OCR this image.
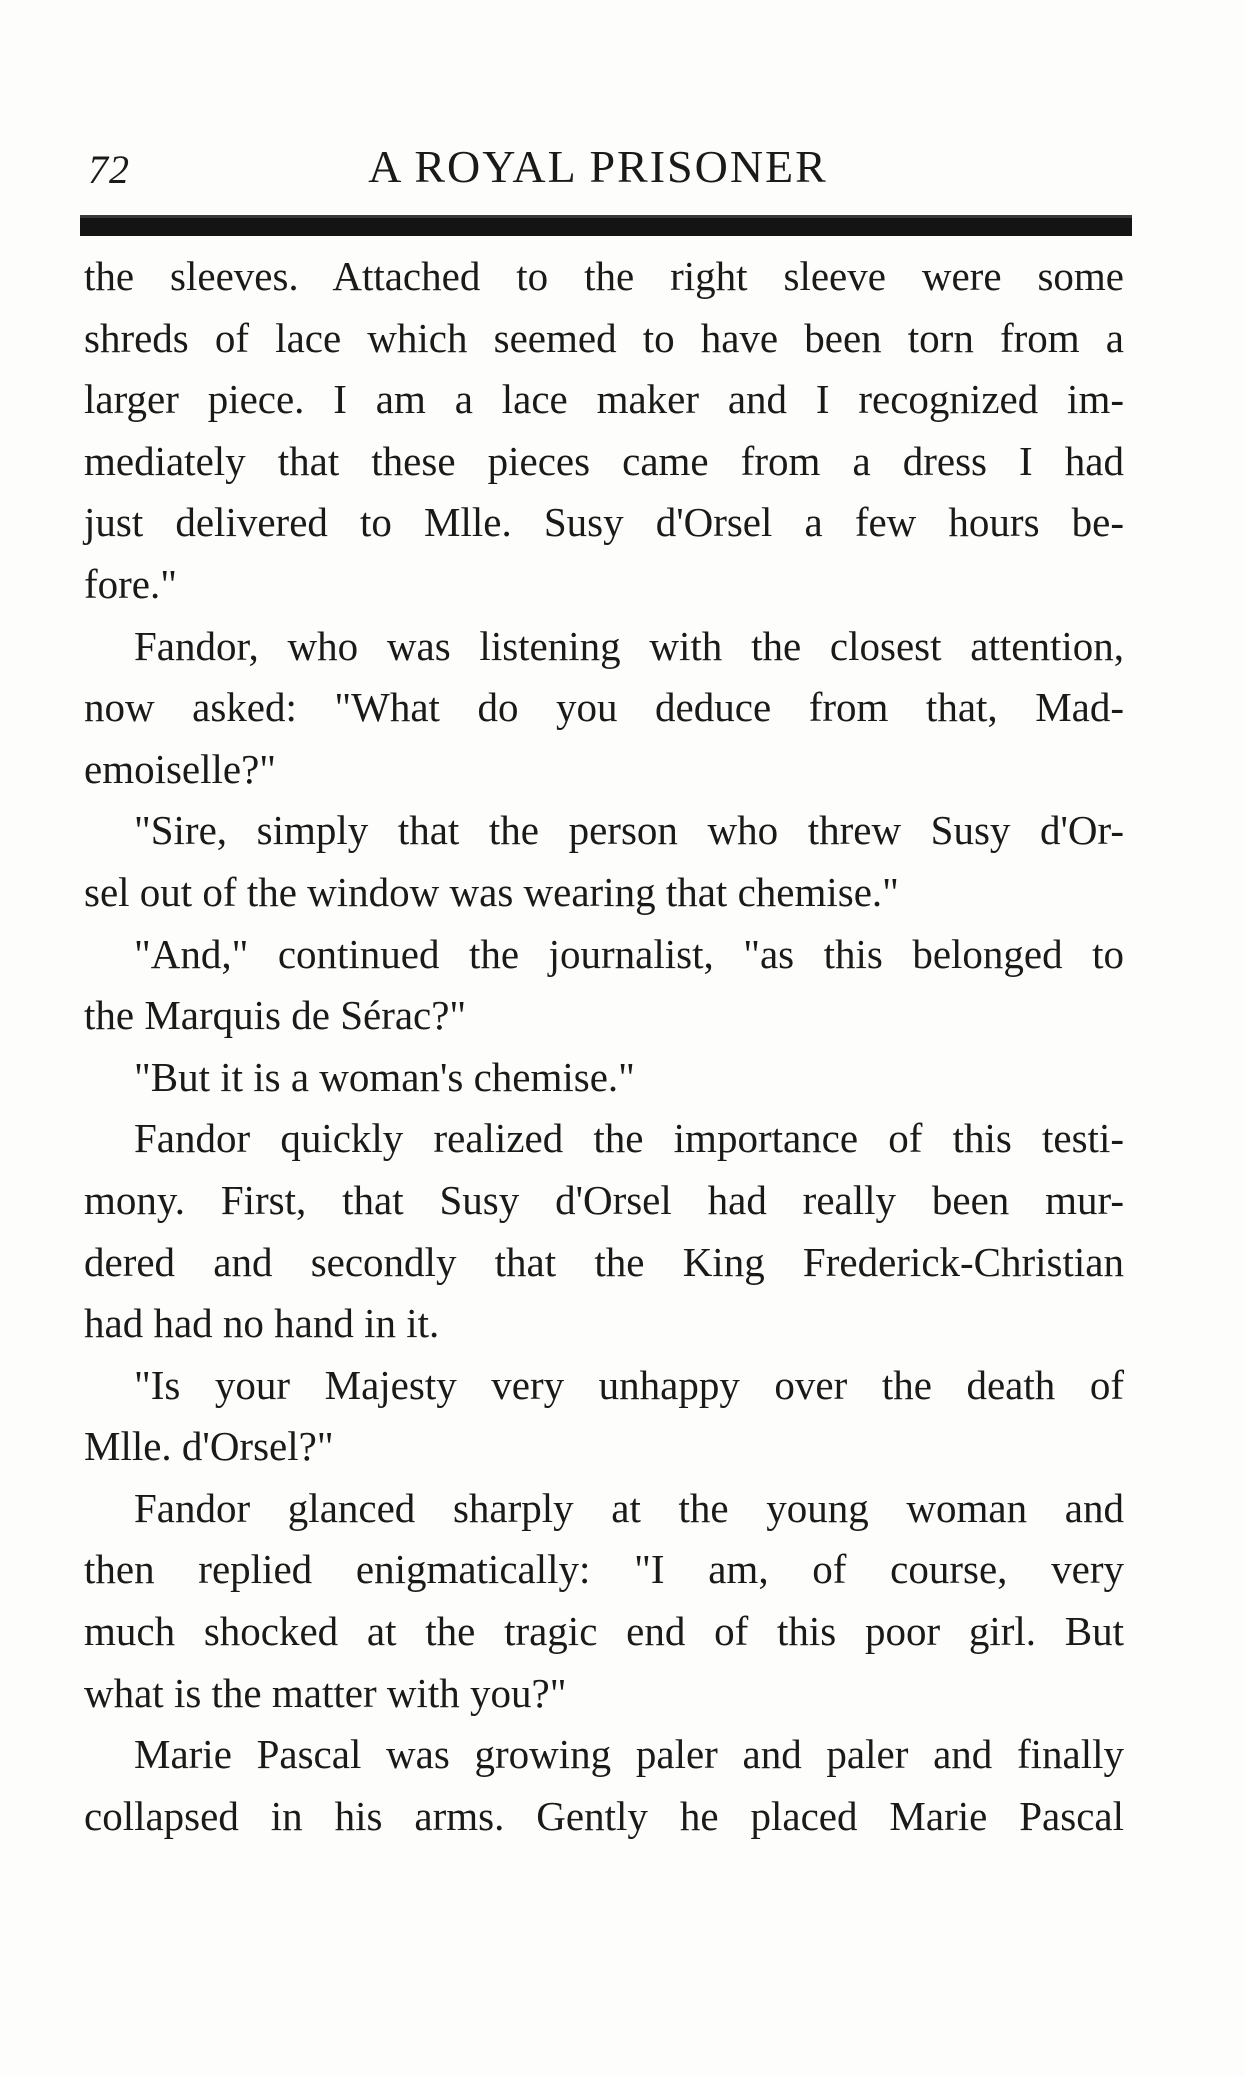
72	A ROYAL PRISONER

the sleeves. Attached to the right sleeve were some

shreds of lace which seemed to have been torn from a

larger piece. I am a lace maker and I recognized im-

mediately that these pieces came from a dress I had

just delivered to Mlle. Susy d'Orsel a few hours be-

fore."

Fandor, who was listening with the closest attention,

now asked: "What do you deduce from that, Mad-

emoiselle?"

"Sire, simply that the person who threw Susy d'Or-

sel out of the window was wearing that chemise."

"And," continued the journalist, "as this belonged to

the Marquis de Sérac?"

"But it is a woman's chemise."

Fandor quickly realized the importance of this testi-

mony. First, that Susy d'Orsel had really been mur-

dered and secondly that the King Frederick-Christian

had had no hand in it.

"Is your Majesty very unhappy over the death of

Mlle. d'Orsel?"

Fandor glanced sharply at the young woman and

then replied enigmatically: "I am, of course, very

much shocked at the tragic end of this poor girl. But

what is the matter with you?"

Marie Pascal was growing paler and paler and finally

collapsed in his arms. Gently he placed Marie Pascal
